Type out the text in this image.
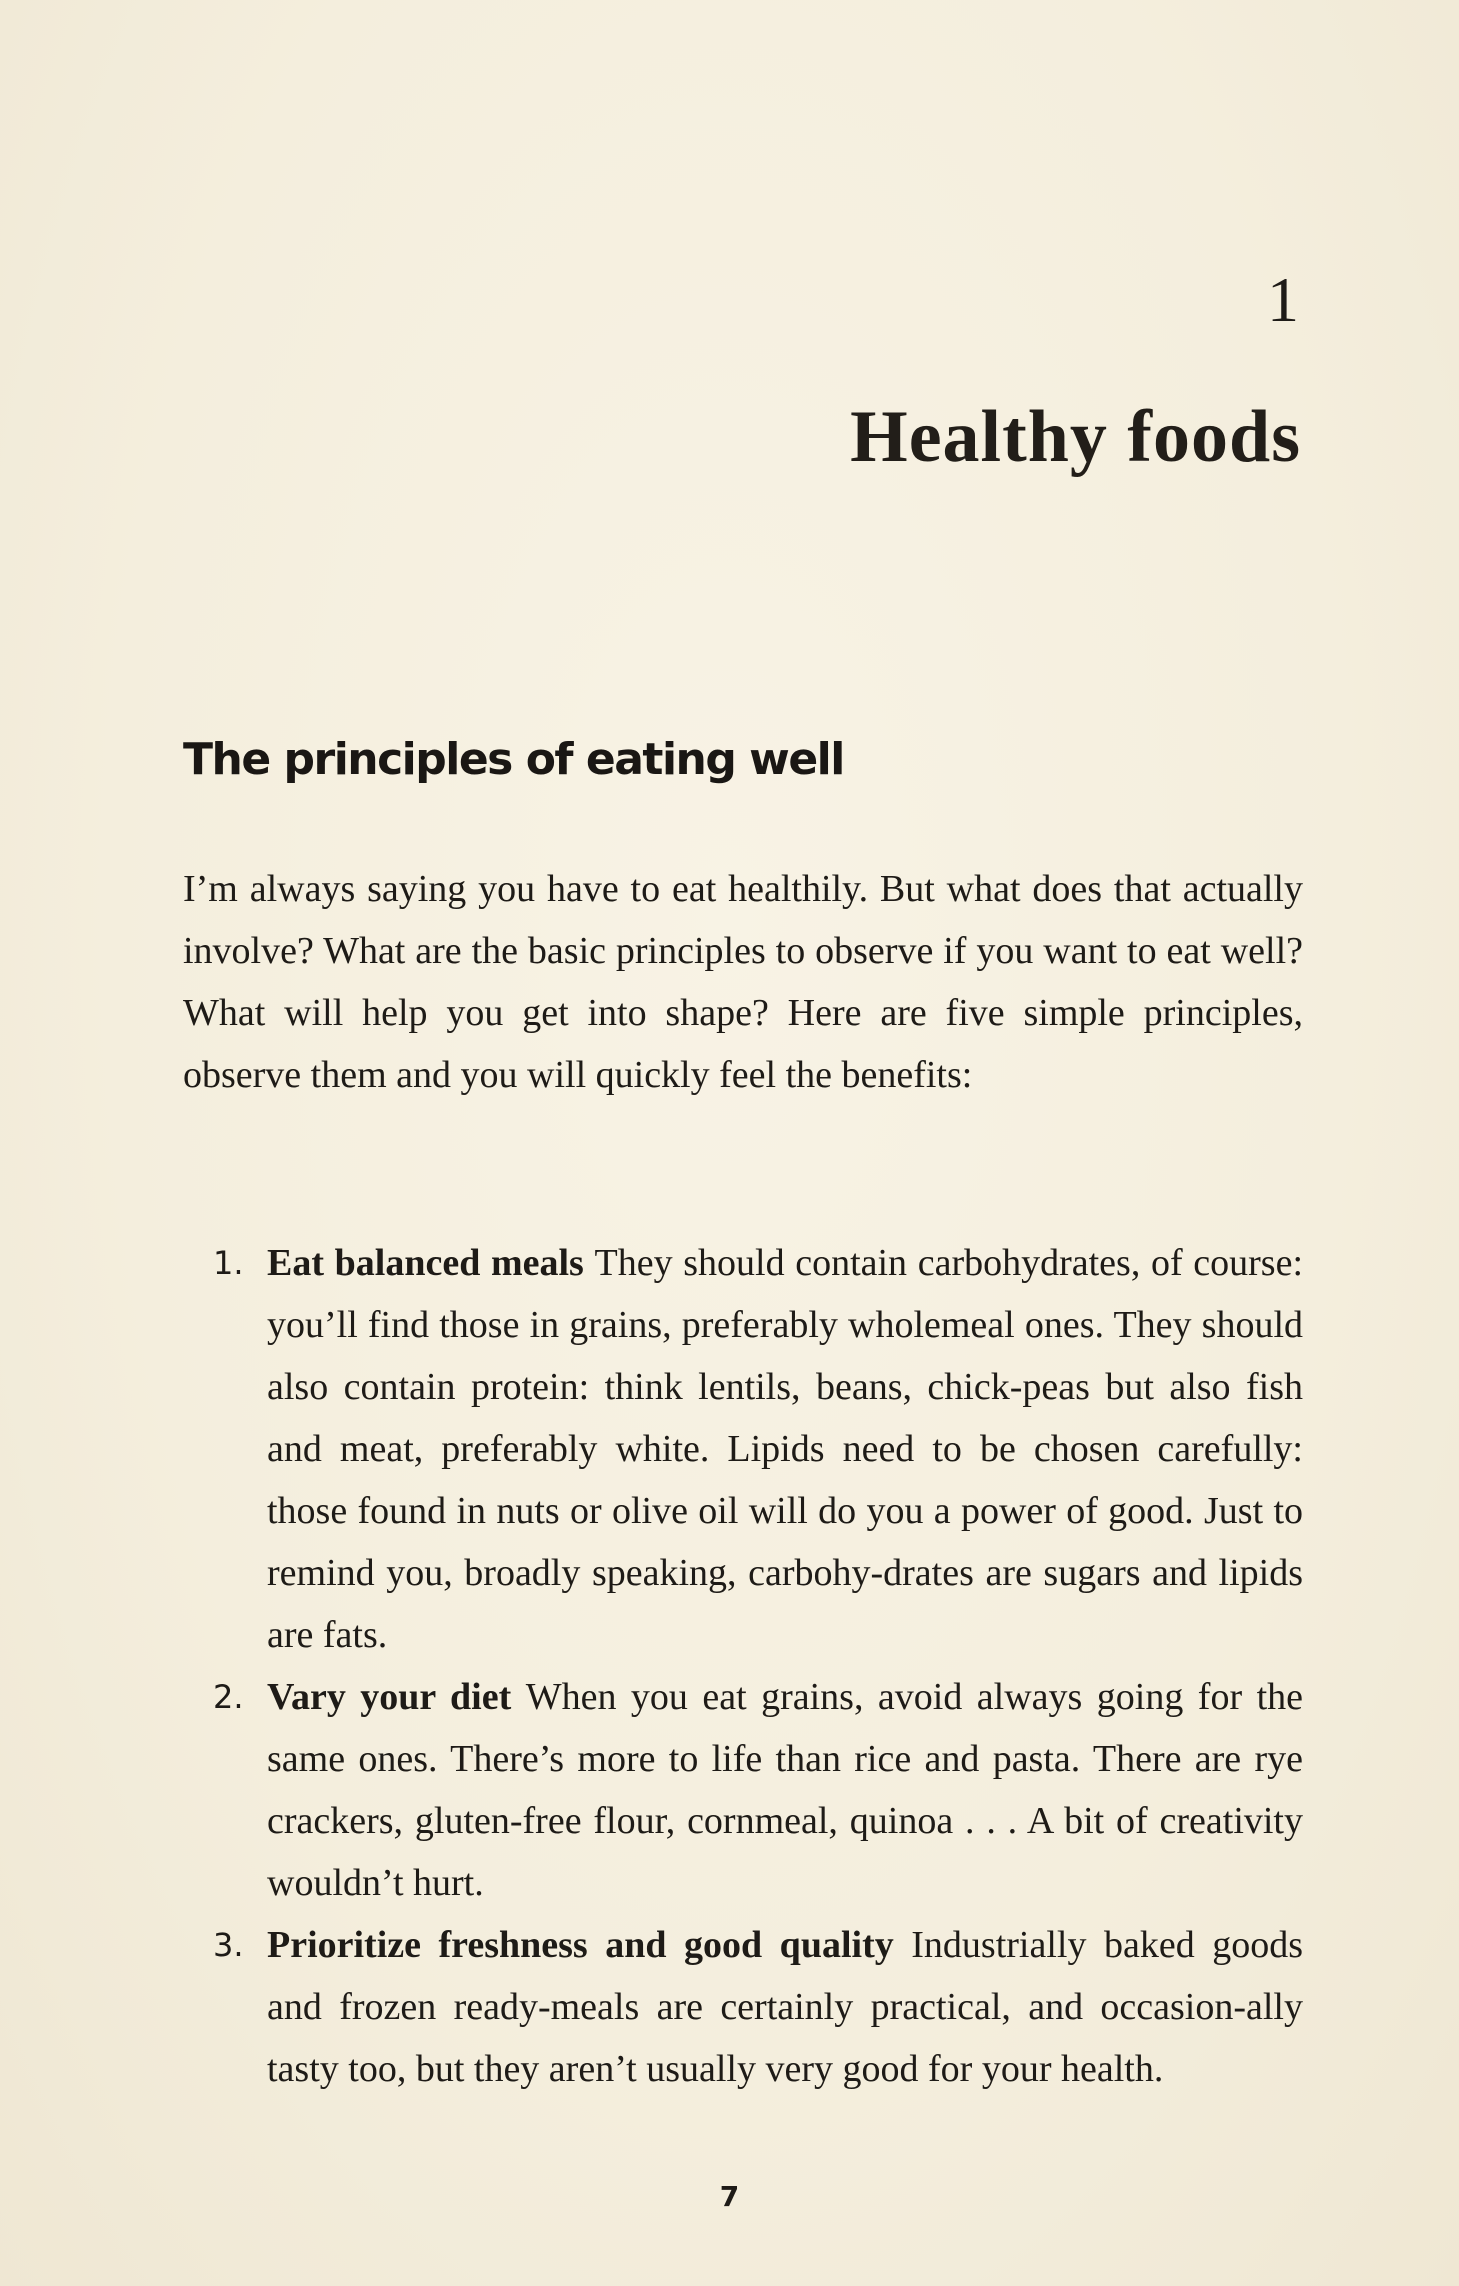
1
Healthy foods
The principles of eating well

I’m always saying you have to eat healthily. But what does that actually involve? What are the basic principles to observe if you want to eat well? What will help you get into shape? Here are five simple principles, observe them and you will quickly feel the benefits:

1. Eat balanced meals They should contain carbohydrates, of course: you’ll find those in grains, preferably wholemeal ones. They should also contain protein: think lentils, beans, chick-peas but also fish and meat, preferably white. Lipids need to be chosen carefully: those found in nuts or olive oil will do you a power of good. Just to remind you, broadly speaking, carbohy-drates are sugars and lipids are fats.
2. Vary your diet When you eat grains, avoid always going for the same ones. There’s more to life than rice and pasta. There are rye crackers, gluten-free flour, cornmeal, quinoa . . . A bit of creativity wouldn’t hurt.
3. Prioritize freshness and good quality Industrially baked goods and frozen ready-meals are certainly practical, and occasion-ally tasty too, but they aren’t usually very good for your health.

7
